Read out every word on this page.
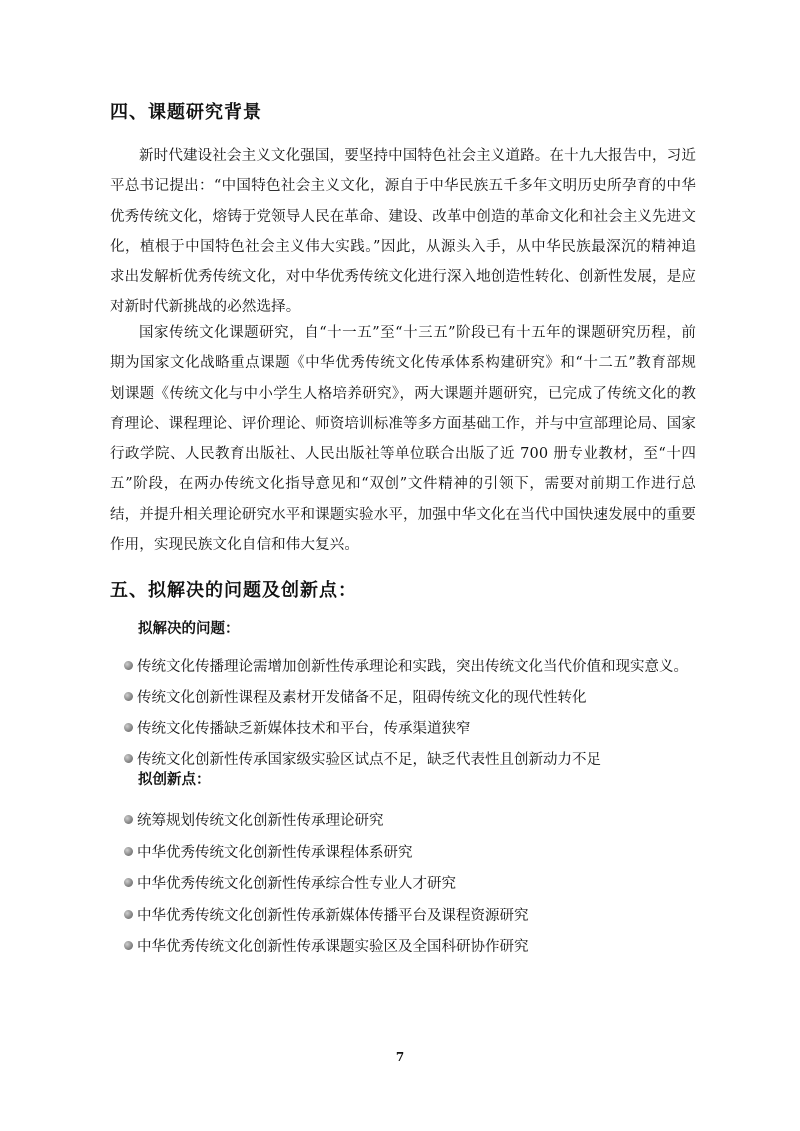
四、课题研究背景

新时代建设社会主义文化强国，要坚持中国特色社会主义道路。在十九大报告中，习近平总书记提出：“中国特色社会主义文化，源自于中华民族五千多年文明历史所孕育的中华优秀传统文化，熔铸于党领导人民在革命、建设、改革中创造的革命文化和社会主义先进文化，植根于中国特色社会主义伟大实践。”因此，从源头入手，从中华民族最深沉的精神追求出发解析优秀传统文化，对中华优秀传统文化进行深入地创造性转化、创新性发展，是应对新时代新挑战的必然选择。

国家传统文化课题研究，自“十一五”至“十三五”阶段已有十五年的课题研究历程，前期为国家文化战略重点课题《中华优秀传统文化传承体系构建研究》和“十二五”教育部规划课题《传统文化与中小学生人格培养研究》，两大课题并题研究，已完成了传统文化的教育理论、课程理论、评价理论、师资培训标准等多方面基础工作，并与中宣部理论局、国家行政学院、人民教育出版社、人民出版社等单位联合出版了近 700 册专业教材，至“十四五”阶段，在两办传统文化指导意见和“双创”文件精神的引领下，需要对前期工作进行总结，并提升相关理论研究水平和课题实验水平，加强中华文化在当代中国快速发展中的重要作用，实现民族文化自信和伟大复兴。

五、拟解决的问题及创新点：

拟解决的问题：

传统文化传播理论需增加创新性传承理论和实践，突出传统文化当代价值和现实意义。
传统文化创新性课程及素材开发储备不足，阻碍传统文化的现代性转化
传统文化传播缺乏新媒体技术和平台，传承渠道狭窄
传统文化创新性传承国家级实验区试点不足，缺乏代表性且创新动力不足

拟创新点：

统筹规划传统文化创新性传承理论研究
中华优秀传统文化创新性传承课程体系研究
中华优秀传统文化创新性传承综合性专业人才研究
中华优秀传统文化创新性传承新媒体传播平台及课程资源研究
中华优秀传统文化创新性传承课题实验区及全国科研协作研究
7
